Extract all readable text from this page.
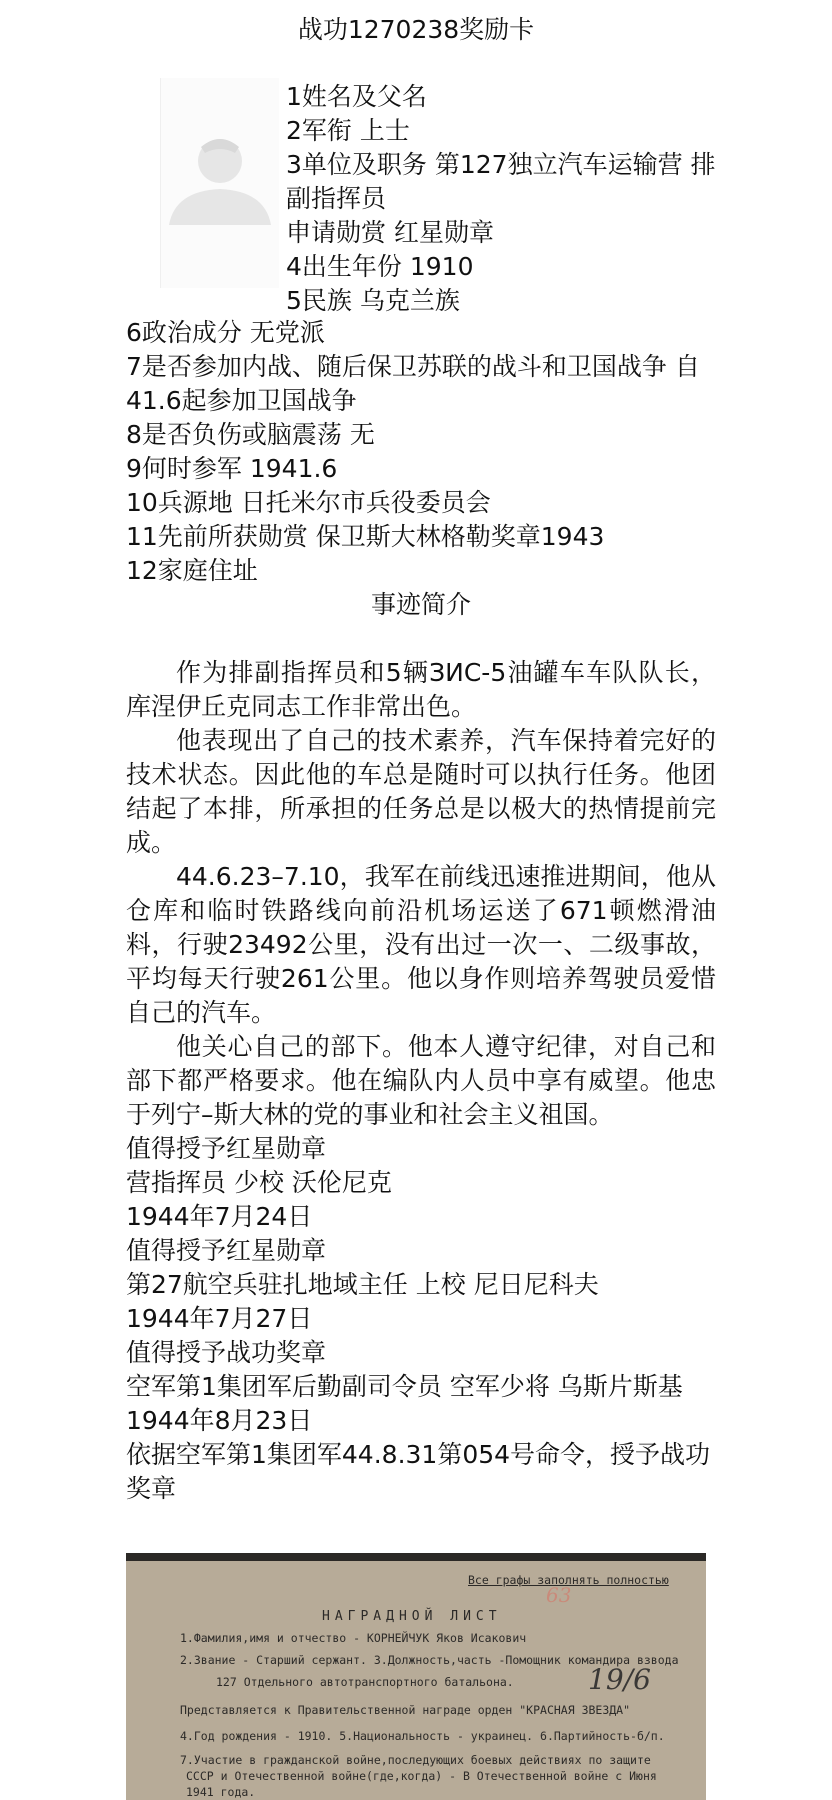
战功1270238奖励卡
1姓名及父名
2军衔 上士
3单位及职务 第127独立汽车运输营 排副指挥员
申请勋赏 红星勋章
4出生年份 1910
5民族 乌克兰族
6政治成分 无党派
7是否参加内战、随后保卫苏联的战斗和卫国战争 自41.6起参加卫国战争
8是否负伤或脑震荡 无
9何时参军 1941.6
10兵源地 日托米尔市兵役委员会
11先前所获勋赏 保卫斯大林格勒奖章1943
12家庭住址
事迹简介
作为排副指挥员和5辆ЗИС-5油罐车车队队长，库涅伊丘克同志工作非常出色。
他表现出了自己的技术素养，汽车保持着完好的技术状态。因此他的车总是随时可以执行任务。他团结起了本排，所承担的任务总是以极大的热情提前完成。
44.6.23–7.10，我军在前线迅速推进期间，他从仓库和临时铁路线向前沿机场运送了671顿燃滑油料，行驶23492公里，没有出过一次一、二级事故，平均每天行驶261公里。他以身作则培养驾驶员爱惜自己的汽车。
他关心自己的部下。他本人遵守纪律，对自己和部下都严格要求。他在编队内人员中享有威望。他忠于列宁–斯大林的党的事业和社会主义祖国。
值得授予红星勋章
营指挥员 少校 沃伦尼克
1944年7月24日
值得授予红星勋章
第27航空兵驻扎地域主任 上校 尼日尼科夫
1944年7月27日
值得授予战功奖章
空军第1集团军后勤副司令员 空军少将 乌斯片斯基
1944年8月23日
依据空军第1集团军44.8.31第054号命令，授予战功奖章
Все графы заполнять полностью
63
НАГРАДНОЙ ЛИСТ
19/6
1.Фамилия,имя и отчество - КОРНЕЙЧУК Яков Исакович
2.Звание - Старший сержант. 3.Должность,часть -Помощник командира взвода
127 Отдельного автотранспортного батальона.
Представляется к Правительственной награде орден "КРАСНАЯ ЗВЕЗДА"
4.Год рождения - 1910. 5.Национальность - украинец. 6.Партийность-б/п.
7.Участие в гражданской войне,последующих боевых действиях по защите
СССР и Отечественной войне(где,когда) - В Отечественной войне с Июня
1941 года.
